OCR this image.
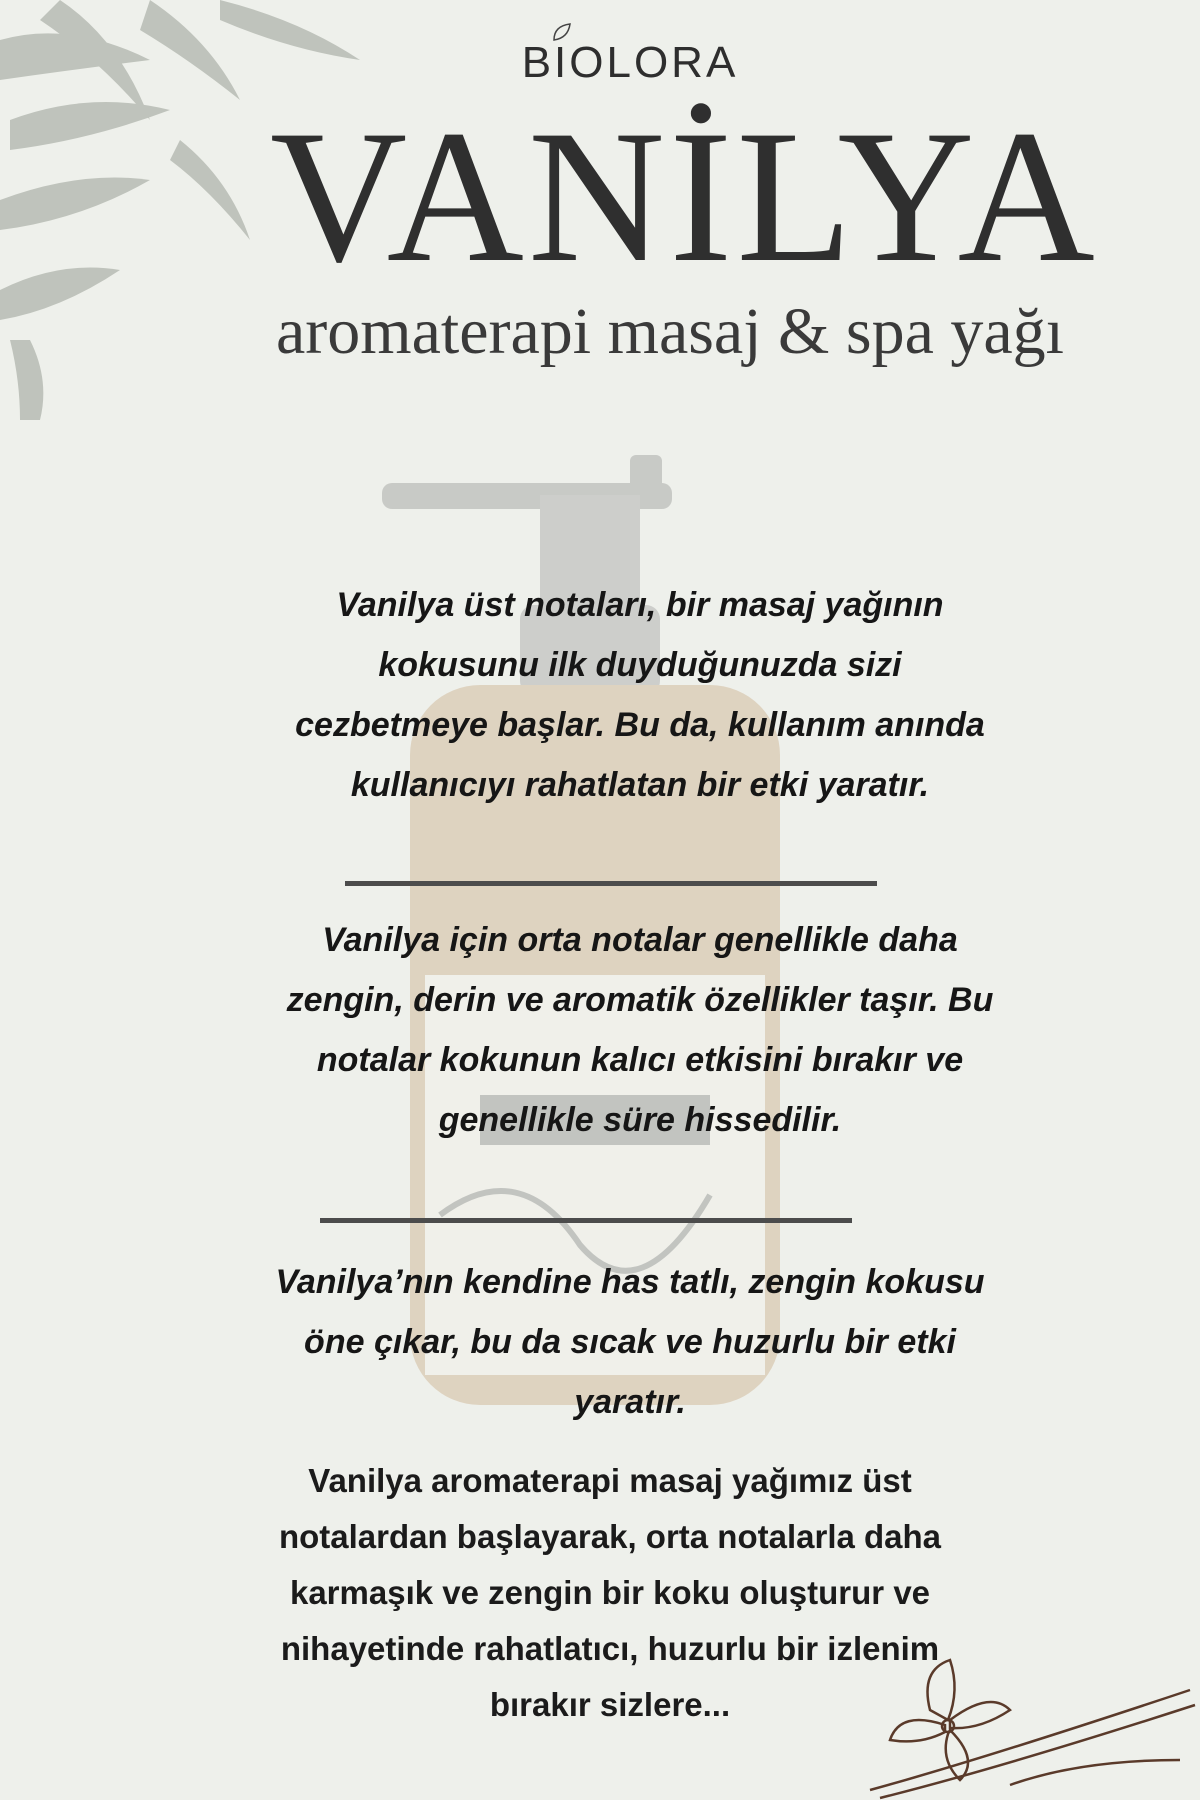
BIOLORA
VANİLYA
aromaterapi masaj & spa yağı
Vanilya üst notaları, bir masaj yağının kokusunu ilk duyduğunuzda sizi cezbetmeye başlar. Bu da, kullanım anında kullanıcıyı rahatlatan bir etki yaratır.
Vanilya için orta notalar genellikle daha zengin, derin ve aromatik özellikler taşır. Bu notalar kokunun kalıcı etkisini bırakır ve genellikle süre hissedilir.
Vanilya’nın kendine has tatlı, zengin kokusu öne çıkar, bu da sıcak ve huzurlu bir etki yaratır.
Vanilya aromaterapi masaj yağımız üst notalardan başlayarak, orta notalarla daha karmaşık ve zengin bir koku oluşturur ve nihayetinde rahatlatıcı, huzurlu bir izlenim bırakır sizlere...
